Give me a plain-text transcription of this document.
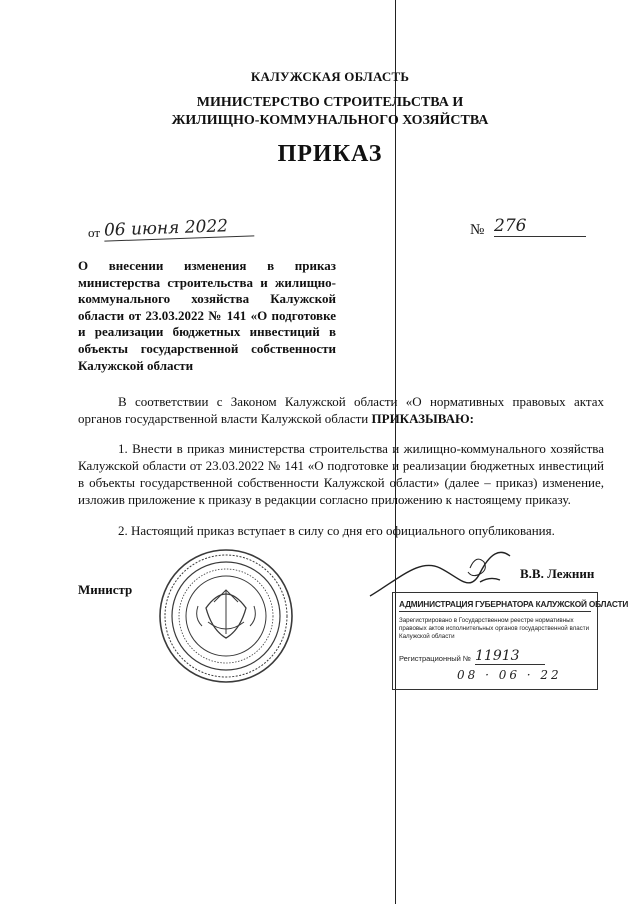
КАЛУЖСКАЯ ОБЛАСТЬ
МИНИСТЕРСТВО СТРОИТЕЛЬСТВА И
ЖИЛИЩНО-КОММУНАЛЬНОГО ХОЗЯЙСТВА
ПРИКАЗ
от 06 июня 2022	№ 276
О внесении изменения в приказ министерства строительства и жилищно-коммунального хозяйства Калужской области от 23.03.2022 № 141 «О подготовке и реализации бюджетных инвестиций в объекты государственной собственности Калужской области
В соответствии с Законом Калужской области «О нормативных правовых актах органов государственной власти Калужской области ПРИКАЗЫВАЮ:
1. Внести в приказ министерства строительства и жилищно-коммунального хозяйства Калужской области от 23.03.2022 № 141 «О подготовке и реализации бюджетных инвестиций в объекты государственной собственности Калужской области» (далее – приказ) изменение, изложив приложение к приказу в редакции согласно приложению к настоящему приказу.
2. Настоящий приказ вступает в силу со дня его официального опубликования.
Министр
В.В. Лежнин
АДМИНИСТРАЦИЯ ГУБЕРНАТОРА КАЛУЖСКОЙ ОБЛАСТИ
Зарегистрировано в Государственном реестре нормативных правовых актов исполнительных органов государственной власти Калужской области
Регистрационный № 11913
08 · 06 · 22
